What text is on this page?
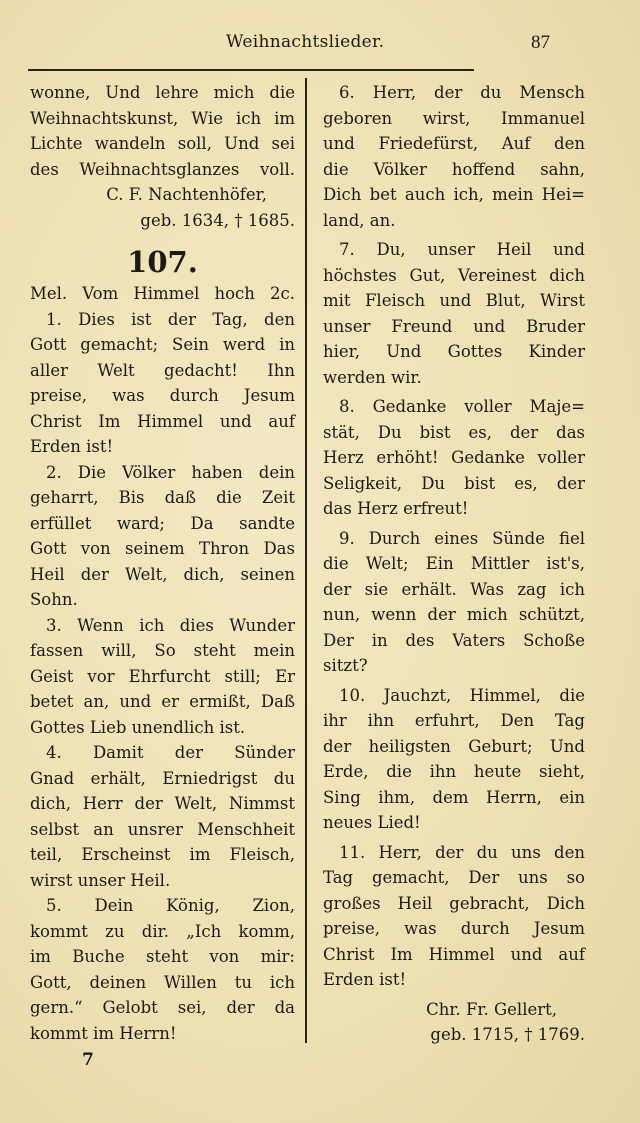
Weihnachtslieder.	87
wonne, Und lehre mich die
Weihnachtskunst, Wie ich im
Lichte wandeln soll, Und sei
des Weihnachtsglanzes voll.
C. F. Nachtenhöfer,
geb. 1634, † 1685.
107.
Mel. Vom Himmel hoch 2c.
1. Dies ist der Tag, den
Gott gemacht; Sein werd in
aller Welt gedacht! Ihn
preise, was durch Jesum
Christ Im Himmel und auf
Erden ist!
2. Die Völker haben dein
geharrt, Bis daß die Zeit
erfüllet ward; Da sandte
Gott von seinem Thron Das
Heil der Welt, dich, seinen
Sohn.
3. Wenn ich dies Wunder
fassen will, So steht mein
Geist vor Ehrfurcht still; Er
betet an, und er ermißt, Daß
Gottes Lieb unendlich ist.
4. Damit der Sünder
Gnad erhält, Erniedrigst du
dich, Herr der Welt, Nimmst
selbst an unsrer Menschheit
teil, Erscheinst im Fleisch,
wirst unser Heil.
5. Dein König, Zion,
kommt zu dir. „Ich komm,
im Buche steht von mir:
Gott, deinen Willen tu ich
gern.“ Gelobt sei, der da
kommt im Herrn!
6. Herr, der du Mensch
geboren wirst, Immanuel
und Friedefürst, Auf den
die Völker hoffend sahn,
Dich bet auch ich, mein Hei=
land, an.
7. Du, unser Heil und
höchstes Gut, Vereinest dich
mit Fleisch und Blut, Wirst
unser Freund und Bruder
hier, Und Gottes Kinder
werden wir.
8. Gedanke voller Maje=
stät, Du bist es, der das
Herz erhöht! Gedanke voller
Seligkeit, Du bist es, der
das Herz erfreut!
9. Durch eines Sünde fiel
die Welt; Ein Mittler ist's,
der sie erhält. Was zag ich
nun, wenn der mich schützt,
Der in des Vaters Schoße
sitzt?
10. Jauchzt, Himmel, die
ihr ihn erfuhrt, Den Tag
der heiligsten Geburt; Und
Erde, die ihn heute sieht,
Sing ihm, dem Herrn, ein
neues Lied!
11. Herr, der du uns den
Tag gemacht, Der uns so
großes Heil gebracht, Dich
preise, was durch Jesum
Christ Im Himmel und auf
Erden ist!
Chr. Fr. Gellert,
geb. 1715, † 1769.
7
